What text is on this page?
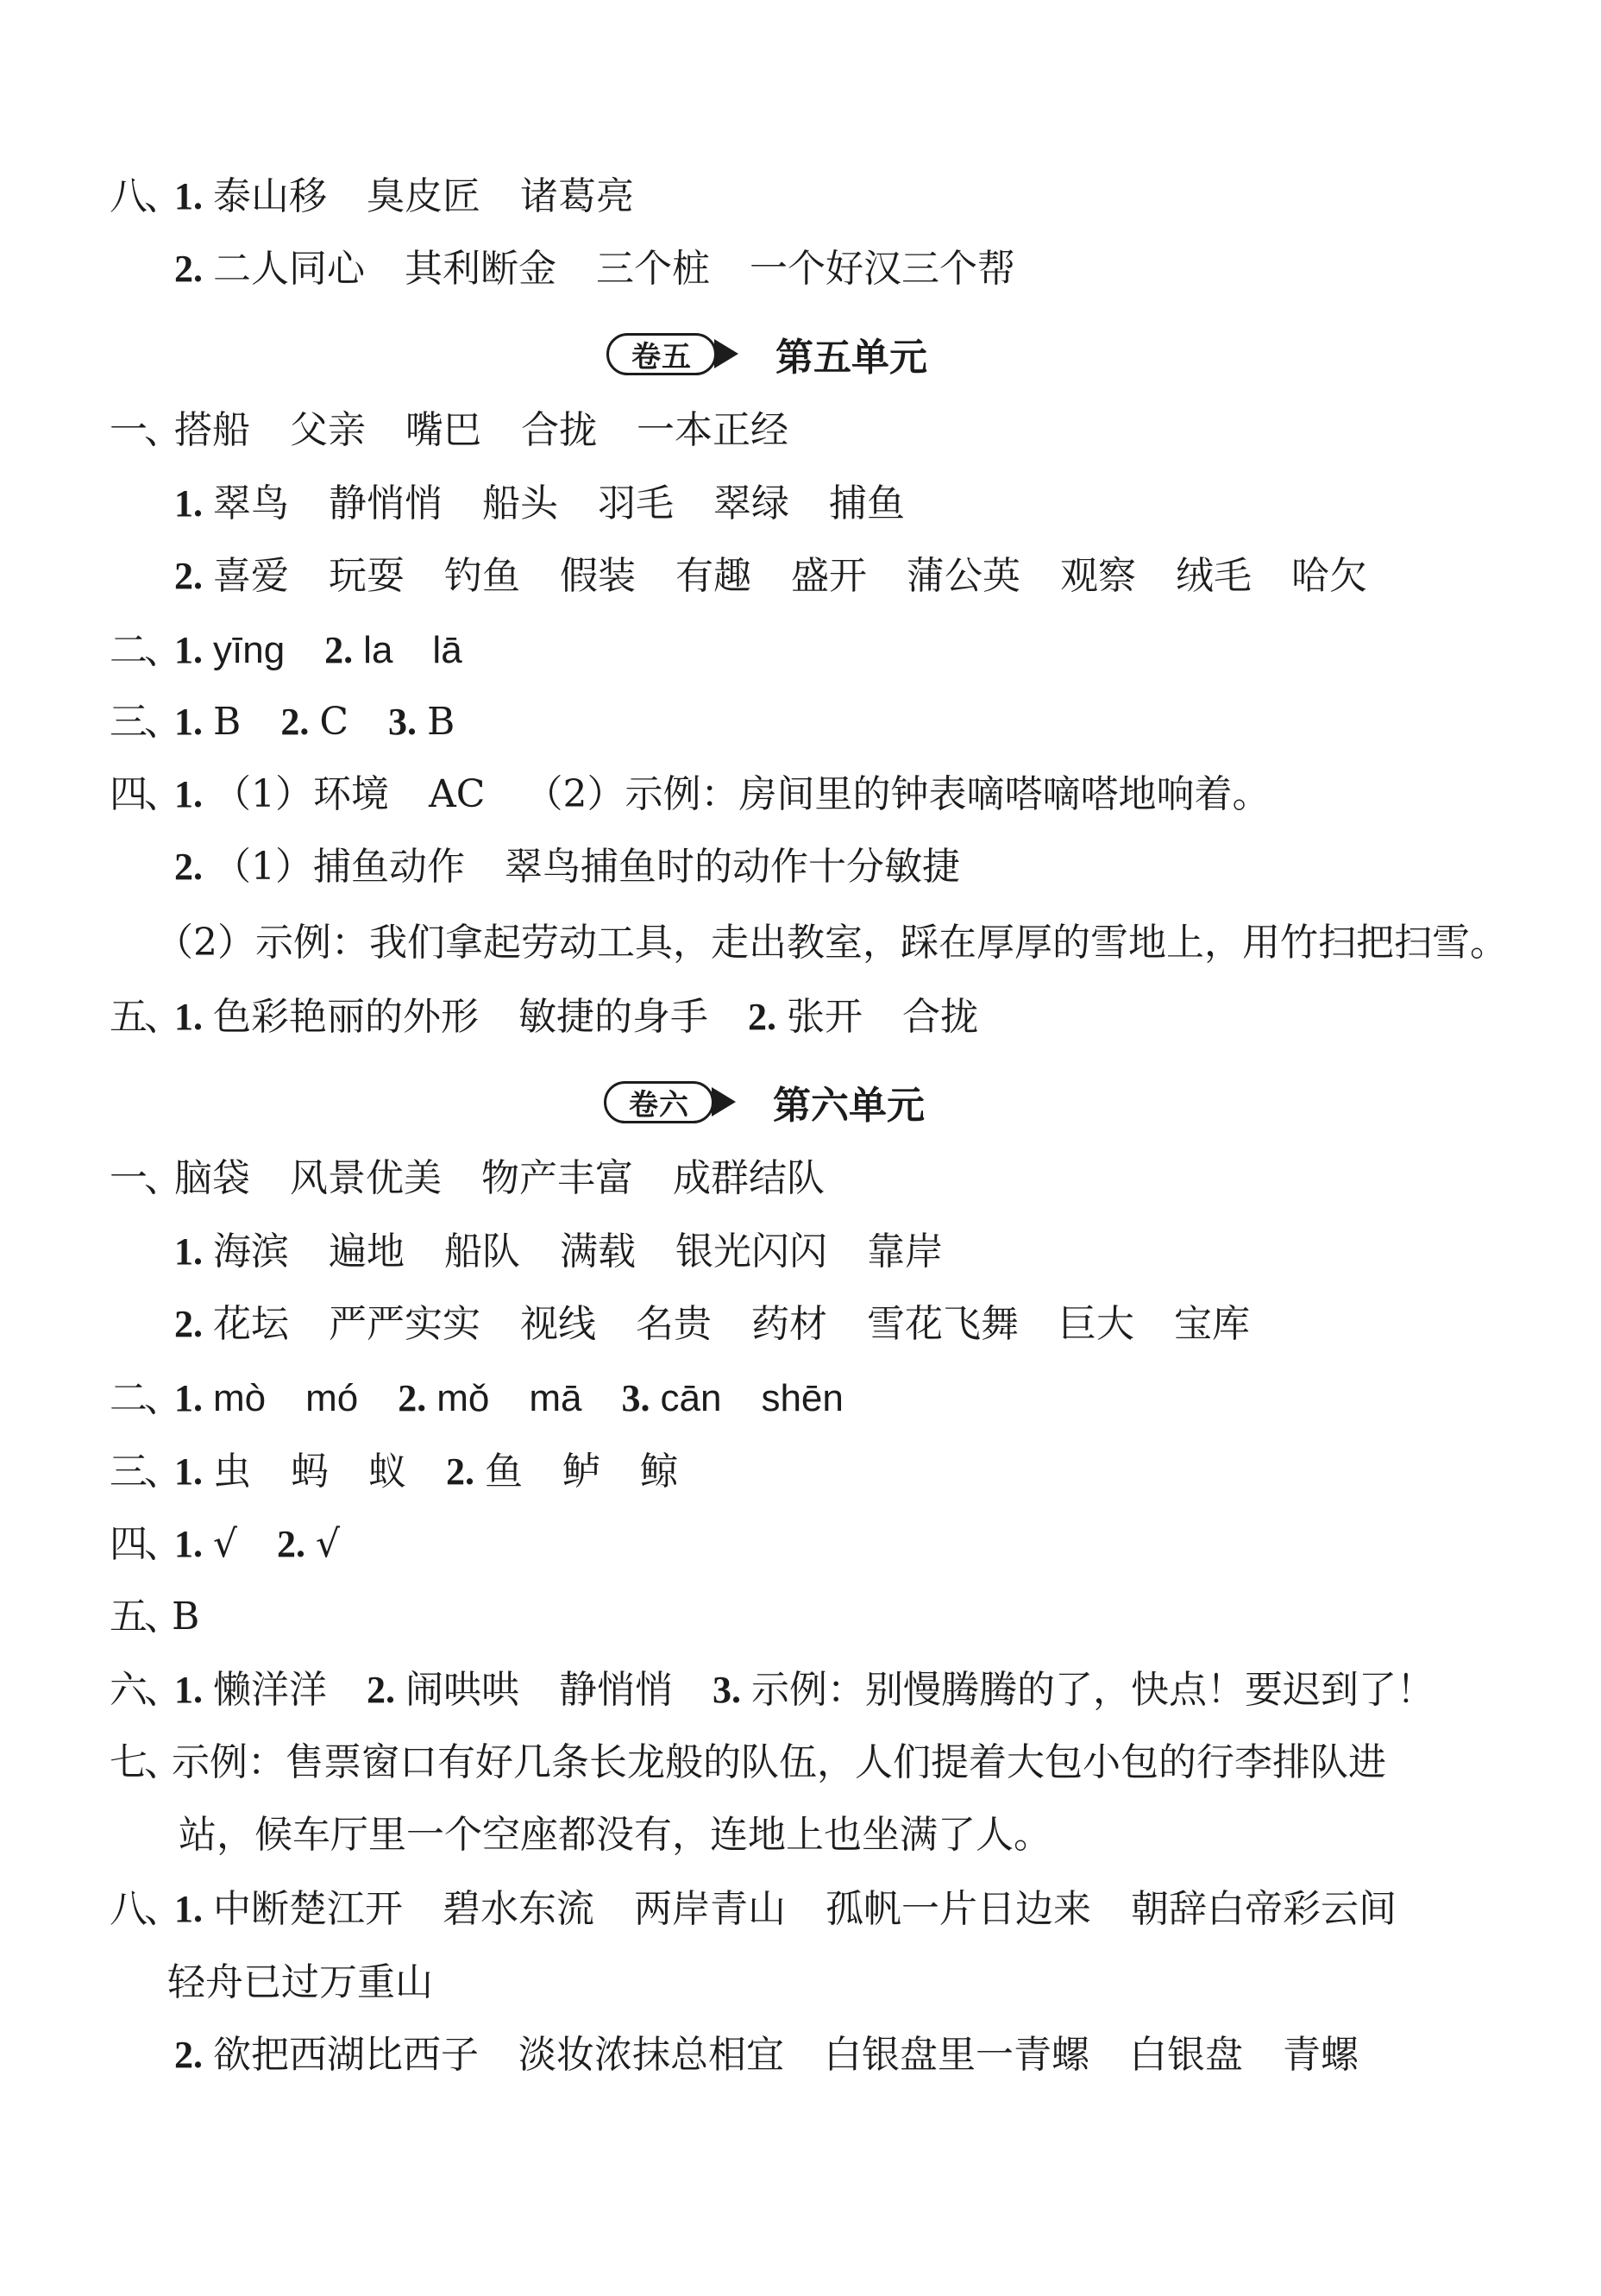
八、
1. 泰山移 臭皮匠 诸葛亮
2. 二人同心 其利断金 三个桩 一个好汉三个帮
卷五 第五单元
一、
搭船 父亲 嘴巴 合拢 一本正经
1. 翠鸟 静悄悄 船头 羽毛 翠绿 捕鱼
2. 喜爱 玩耍 钓鱼 假装 有趣 盛开 蒲公英 观察 绒毛 哈欠
二、
1. yīng 2. la lā
三、
1. B 2. C 3. B
四、
1. （1）环境 AC （2）示例：房间里的钟表嘀嗒嘀嗒地响着。
2. （1）捕鱼动作 翠鸟捕鱼时的动作十分敏捷
（2）示例：我们拿起劳动工具，走出教室，踩在厚厚的雪地上，用竹扫把扫雪。
五、
1. 色彩艳丽的外形 敏捷的身手 2. 张开 合拢
卷六 第六单元
一、
脑袋 风景优美 物产丰富 成群结队
1. 海滨 遍地 船队 满载 银光闪闪 靠岸
2. 花坛 严严实实 视线 名贵 药材 雪花飞舞 巨大 宝库
二、
1. mò mó 2. mǒ mā 3. cān shēn
三、
1. 虫 蚂 蚁 2. 鱼 鲈 鲸
四、
1. √ 2. √
五、
B
六、
1. 懒洋洋 2. 闹哄哄 静悄悄 3. 示例：别慢腾腾的了，快点！要迟到了！
七、
示例：售票窗口有好几条长龙般的队伍，人们提着大包小包的行李排队进
站，候车厅里一个空座都没有，连地上也坐满了人。
八、
1. 中断楚江开 碧水东流 两岸青山 孤帆一片日边来 朝辞白帝彩云间
轻舟已过万重山
2. 欲把西湖比西子 淡妆浓抹总相宜 白银盘里一青螺 白银盘 青螺
